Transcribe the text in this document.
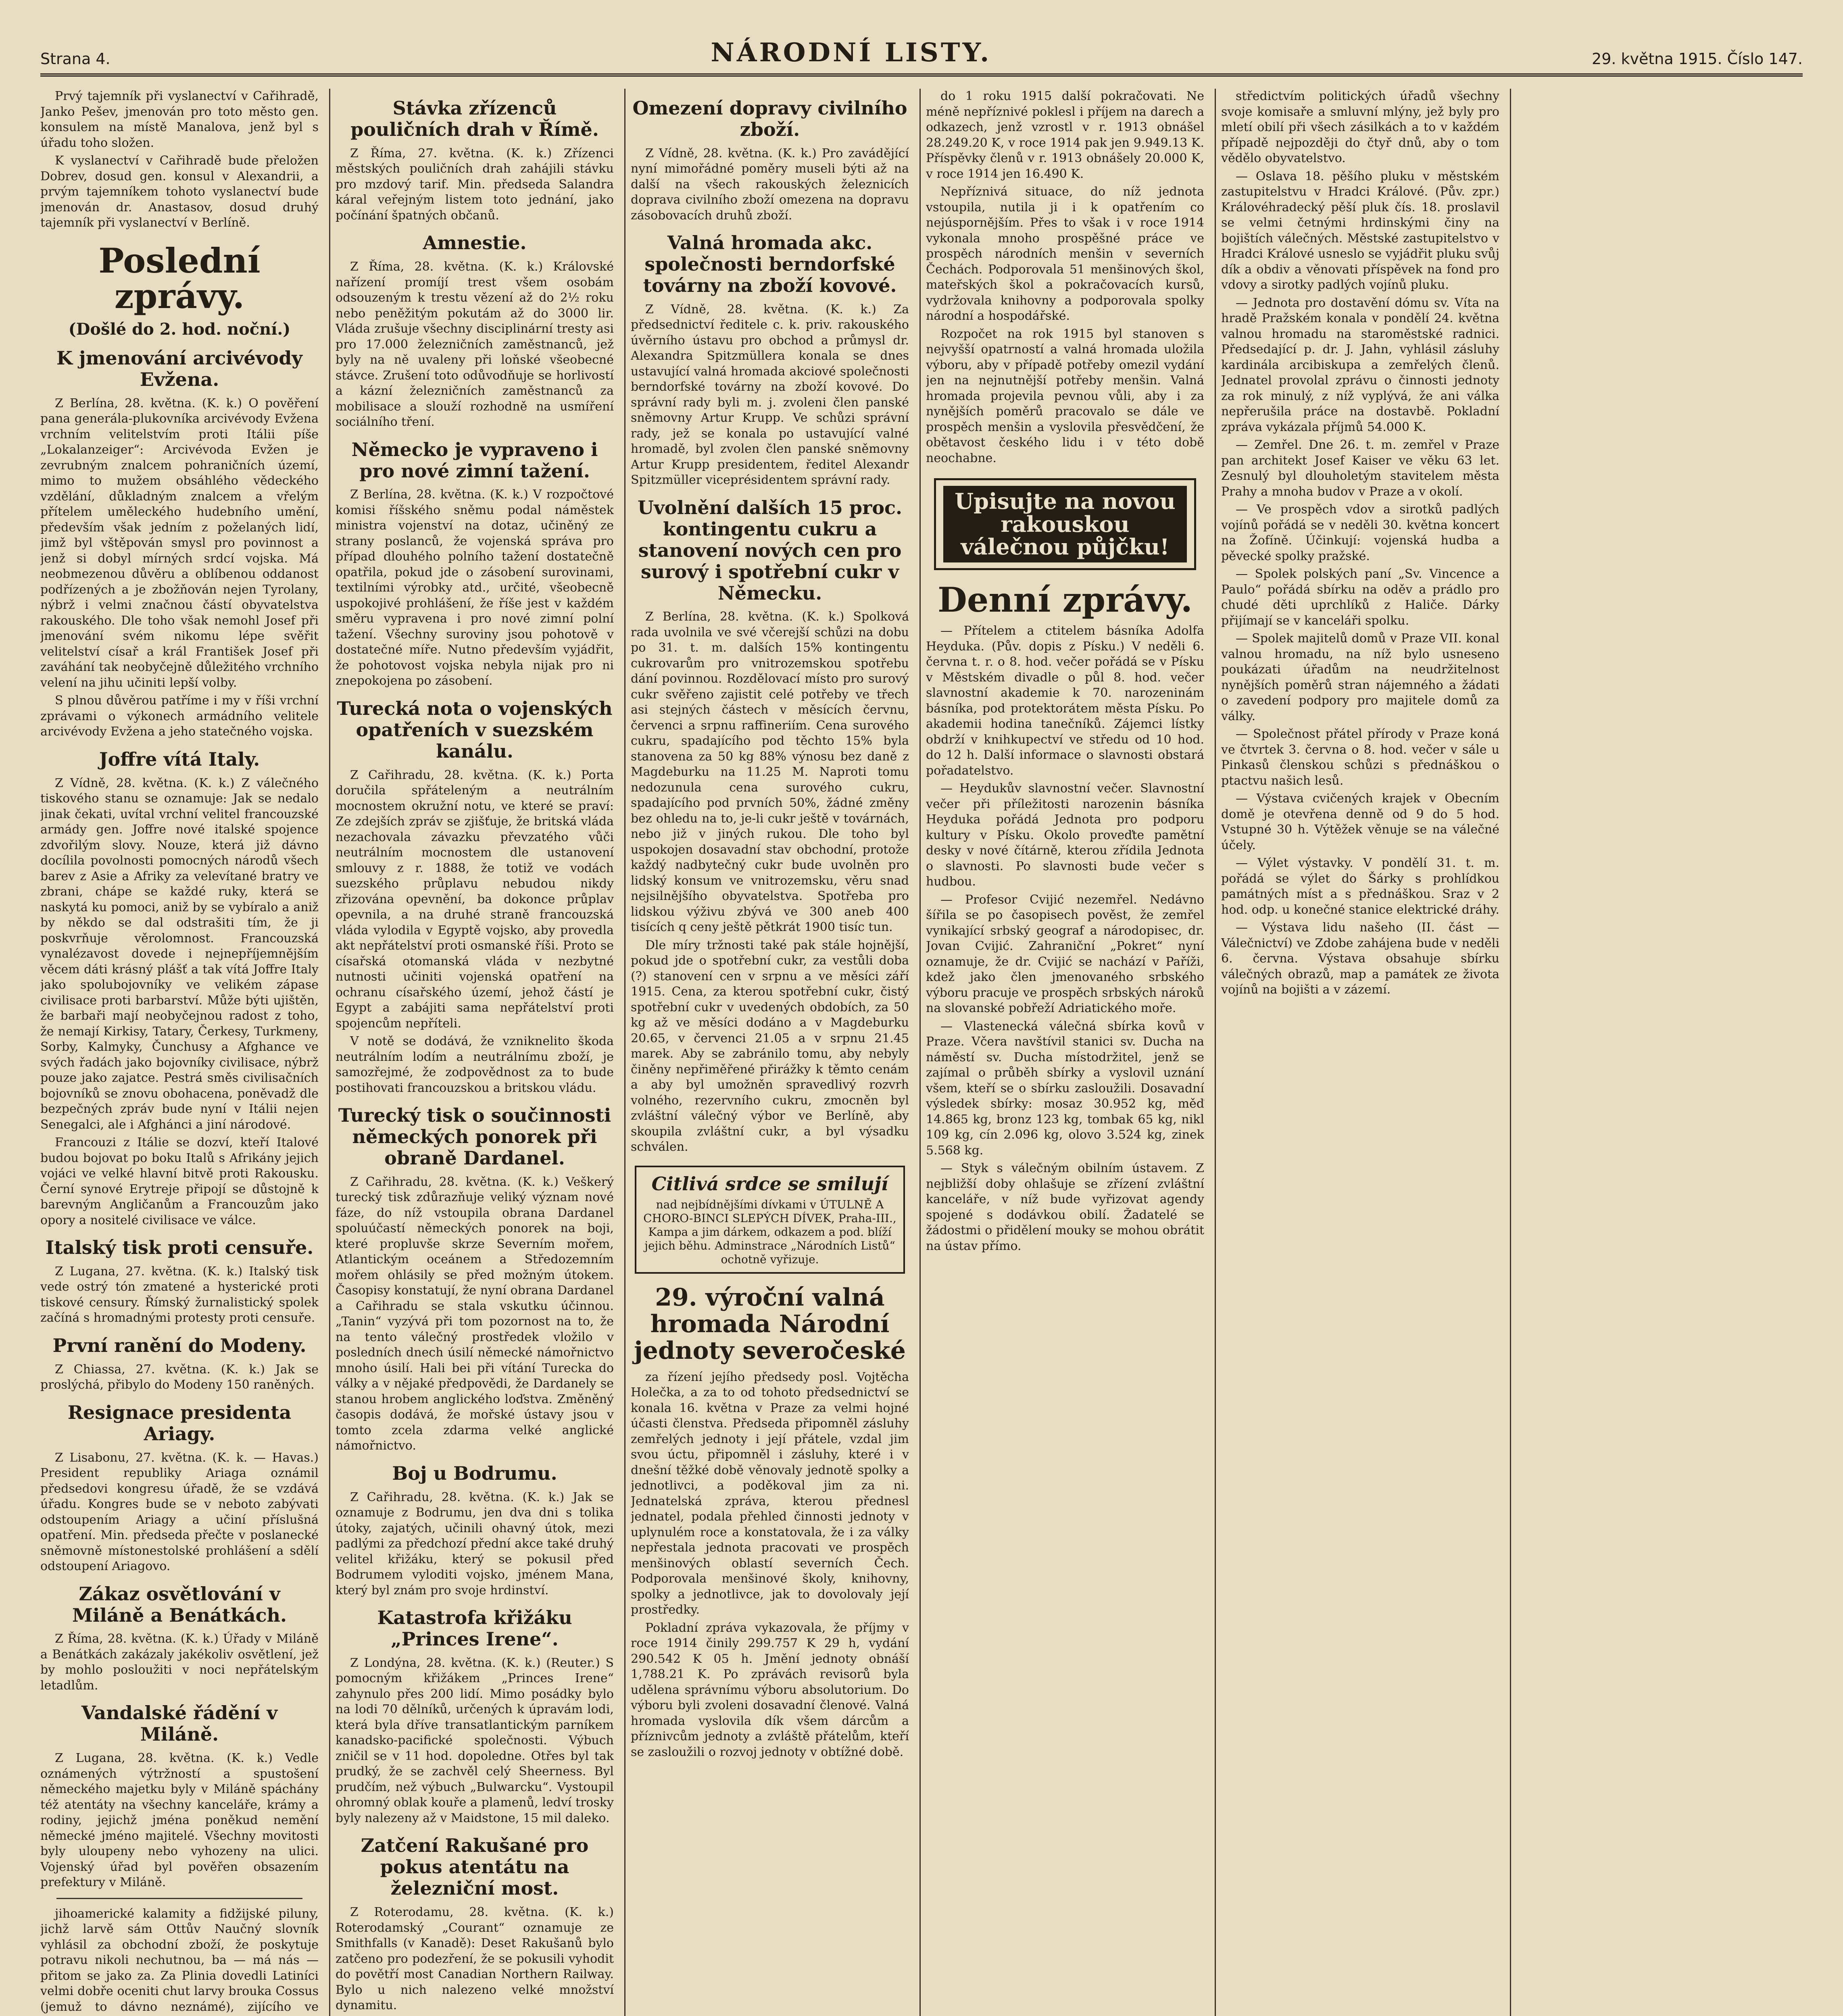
Strana 4.	NÁRODNÍ LISTY.	29. května 1915. Číslo 147.

Prvý tajemník při vyslanectví v Cařihradě, Janko Pešev, jmenován pro toto město gen. konsulem na místě Manalova, jenž byl s úřadu toho složen.

K vyslanectví v Cařihradě bude přeložen Dobrev, dosud gen. konsul v Alexandrii, a prvým tajemníkem tohoto vyslanectví bude jmenován dr. Anastasov, dosud druhý tajemník při vyslanectví v Berlíně.

Poslední zprávy.
(Došlé do 2. hod. noční.)
K jmenování arcivévody Evžena.

Z Berlína, 28. května. (K. k.) O pověření pana generála-plukovníka arcivévody Evžena vrchním velitelstvím proti Itálii píše „Lokalanzeiger“: Arcivévoda Evžen je zevrubným znalcem pohraničních území, mimo to mužem obsáhlého vědeckého vzdělání, důkladným znalcem a vřelým přítelem uměleckého hudebního umění, především však jedním z poželaných lidí, jimž byl vštěpován smysl pro povinnost a jenž si dobyl mírných srdcí vojska. Má neobmezenou důvěru a oblíbenou oddanost podřízených a je zbožňován nejen Tyrolany, nýbrž i velmi značnou částí obyvatelstva rakouského. Dle toho však nemohl Josef při jmenování svém nikomu lépe svěřit velitelství císař a král František Josef při zaváhání tak neobyčejně důležitého vrchního velení na jihu učiniti lepší volby.

S plnou důvěrou patříme i my v říši vrchní zprávami o výkonech armádního velitele arcivévody Evžena a jeho statečného vojska.

Joffre vítá Italy.

Z Vídně, 28. května. (K. k.) Z válečného tiskového stanu se oznamuje: Jak se nedalo jinak čekati, uvítal vrchní velitel francouzské armády gen. Joffre nové italské spojence zdvořilým slovy. Nouze, která již dávno docílila povolnosti pomocných národů všech barev z Asie a Afriky za velevítané bratry ve zbrani, chápe se každé ruky, která se naskytá ku pomoci, aniž by se vybíralo a aniž by někdo se dal odstrašiti tím, že ji poskvrňuje věrolomnost. Francouzská vynalézavost dovede i nejnepříjemnějším věcem dáti krásný plášť a tak vítá Joffre Italy jako spolubojovníky ve velikém zápase civilisace proti barbarství. Může býti ujištěn, že barbaři mají neobyčejnou radost z toho, že nemají Kirkisy, Tatary, Čerkesy, Turkmeny, Sorby, Kalmyky, Čunchusy a Afghance ve svých řadách jako bojovníky civilisace, nýbrž pouze jako zajatce. Pestrá směs civilisačních bojovníků se znovu obohacena, poněvadž dle bezpečných zpráv bude nyní v Itálii nejen Senegalci, ale i Afghánci a jiní národové.

Francouzi z Itálie se dozví, kteří Italové budou bojovat po boku Italů s Afrikány jejich vojáci ve velké hlavní bitvě proti Rakousku. Černí synové Erytreje připojí se důstojně k barevným Angličanům a Francouzům jako opory a nositelé civilisace ve válce.

Italský tisk proti censuře.

Z Lugana, 27. května. (K. k.) Italský tisk vede ostrý tón zmatené a hysterické proti tiskové censury. Římský žurnalistický spolek začíná s hromadnými protesty proti censuře.

První ranění do Modeny.

Z Chiassa, 27. května. (K. k.) Jak se proslýchá, přibylo do Modeny 150 raněných.

Resignace presidenta Ariagy.

Z Lisabonu, 27. května. (K. k. — Havas.) President republiky Ariaga oznámil předsedovi kongresu úřadě, že se vzdává úřadu. Kongres bude se v neboto zabývati odstoupením Ariagy a učiní příslušná opatření. Min. předseda přečte v poslanecké sněmovně místonestolské prohlášení a sdělí odstoupení Ariagovo.

Zákaz osvětlování v Miláně a Benátkách.

Z Říma, 28. května. (K. k.) Úřady v Miláně a Benátkách zakázaly jakékoliv osvětlení, jež by mohlo posloužiti v noci nepřátelským letadlům.

Vandalské řádění v Miláně.

Z Lugana, 28. května. (K. k.) Vedle oznámených výtržností a spustošení německého majetku byly v Miláně spáchány též atentáty na všechny kanceláře, krámy a rodiny, jejichž jména poněkud nemění německé jméno majitelé. Všechny movitosti byly uloupeny nebo vyhozeny na ulici. Vojenský úřad byl pověřen obsazením prefektury v Miláně.

jihoamerické kalamity a fidžijské piluny, jichž larvě sám Ottův Naučný slovník vyhlásil za obchodní zboží, že poskytuje potravu nikoli nechutnou, ba — má nás — přitom se jako za. Za Plinia dovedli Latiníci velmi dobře oceniti chut larvy brouka Cossus (jemuž to dávno neznámé), zijícího ve

Stávka zřízenců pouličních drah v Římě.

Z Říma, 27. května. (K. k.) Zřízenci městských pouličních drah zahájili stávku pro mzdový tarif. Min. předseda Salandra káral veřejným listem toto jednání, jako počínání špatných občanů.

Amnestie.

Z Říma, 28. května. (K. k.) Královské nařízení promíjí trest všem osobám odsouzeným k trestu vězení až do 2½ roku nebo peněžitým pokutám až do 3000 lir. Vláda zrušuje všechny disciplinární tresty asi pro 17.000 železničních zaměstnanců, jež byly na ně uvaleny při loňské všeobecné stávce. Zrušení toto odůvodňuje se horlivostí a kázní železničních zaměstnanců za mobilisace a slouží rozhodně na usmíření sociálního tření.

Německo je vypraveno i pro nové zimní tažení.

Z Berlína, 28. května. (K. k.) V rozpočtové komisi říšského sněmu podal náměstek ministra vojenství na dotaz, učiněný ze strany poslanců, že vojenská správa pro případ dlouhého polního tažení dostatečně opatřila, pokud jde o zásobení surovinami, textilními výrobky atd., určité, všeobecně uspokojivé prohlášení, že říše jest v každém směru vypravena i pro nové zimní polní tažení. Všechny suroviny jsou pohotově v dostatečné míře. Nutno především vyjádřit, že pohotovost vojska nebyla nijak pro ni znepokojena po zásobení.

Turecká nota o vojenských opatřeních v suezském kanálu.

Z Cařihradu, 28. května. (K. k.) Porta doručila spřáteleným a neutrálním mocnostem okružní notu, ve které se praví: Ze zdejších zpráv se zjišťuje, že britská vláda nezachovala závazku převzatého vůči neutrálním mocnostem dle ustanovení smlouvy z r. 1888, že totiž ve vodách suezského průplavu nebudou nikdy zřizována opevnění, ba dokonce průplav opevnila, a na druhé straně francouzská vláda vylodila v Egyptě vojsko, aby provedla akt nepřátelství proti osmanské říši. Proto se císařská otomanská vláda v nezbytné nutnosti učiniti vojenská opatření na ochranu císařského území, jehož částí je Egypt a zabájiti sama nepřátelství proti spojencům nepříteli.

V notě se dodává, že vzniknelito škoda neutrálním lodím a neutrálnímu zboží, je samozřejmé, že zodpovědnost za to bude postihovati francouzskou a britskou vládu.

Turecký tisk o součinnosti německých ponorek při obraně Dardanel.

Z Cařihradu, 28. května. (K. k.) Veškerý turecký tisk zdůrazňuje veliký význam nové fáze, do níž vstoupila obrana Dardanel spoluúčastí německých ponorek na boji, které propluvše skrze Severním mořem, Atlantickým oceánem a Středozemním mořem ohlásily se před možným útokem. Časopisy konstatují, že nyní obrana Dardanel a Cařihradu se stala vskutku účinnou. „Tanin“ vyzývá při tom pozornost na to, že na tento válečný prostředek vložilo v posledních dnech úsilí německé námořnictvo mnoho úsilí. Hali bei při vítání Turecka do války a v nějaké předpovědi, že Dardanely se stanou hrobem anglického loďstva. Změněný časopis dodává, že mořské ústavy jsou v tomto zcela zdarma velké anglické námořnictvo.

Boj u Bodrumu.

Z Cařihradu, 28. května. (K. k.) Jak se oznamuje z Bodrumu, jen dva dni s tolika útoky, zajatých, učinili ohavný útok, mezi padlými za předchozí přední akce také druhý velitel křižáku, který se pokusil před Bodrumem vyloditi vojsko, jménem Mana, který byl znám pro svoje hrdinství.

Katastrofa křižáku „Princes Irene“.

Z Londýna, 28. května. (K. k.) (Reuter.) S pomocným křižákem „Princes Irene“ zahynulo přes 200 lidí. Mimo posádky bylo na lodi 70 dělníků, určených k úpravám lodi, která byla dříve transatlantickým parníkem kanadsko-pacifické společnosti. Výbuch zničil se v 11 hod. dopoledne. Otřes byl tak prudký, že se zachvěl celý Sheerness. Byl prudčím, než výbuch „Bulwarcku“. Vystoupil ohromný oblak kouře a plamenů, ledví trosky byly nalezeny až v Maidstone, 15 mil daleko.

Zatčení Rakušané pro pokus atentátu na železniční most.

Z Roterodamu, 28. května. (K. k.) Roterodamský „Courant“ oznamuje ze Smithfalls (v Kanadě): Deset Rakušanů bylo zatčeno pro podezření, že se pokusili vyhodit do povětří most Canadian Northern Railway. Bylo u nich nalezeno velké množství dynamitu.

Omezení dopravy civilního zboží.

Z Vídně, 28. května. (K. k.) Pro zavádějící nyní mimořádné poměry museli býti až na další na všech rakouských železnicích doprava civilního zboží omezena na dopravu zásobovacích druhů zboží.

Valná hromada akc. společnosti berndorfské továrny na zboží kovové.

Z Vídně, 28. května. (K. k.) Za předsednictví ředitele c. k. priv. rakouského úvěrního ústavu pro obchod a průmysl dr. Alexandra Spitzmüllera konala se dnes ustavující valná hromada akciové společnosti berndorfské továrny na zboží kovové. Do správní rady byli m. j. zvoleni člen panské sněmovny Artur Krupp. Ve schůzi správní rady, jež se konala po ustavující valné hromadě, byl zvolen člen panské sněmovny Artur Krupp presidentem, ředitel Alexandr Spitzmüller viceprésidentem správní rady.

Uvolnění dalších 15 proc. kontingentu cukru a stanovení nových cen pro surový i spotřební cukr v Německu.

Z Berlína, 28. května. (K. k.) Spolková rada uvolnila ve své včerejší schůzi na dobu po 31. t. m. dalších 15% kontingentu cukrovarům pro vnitrozemskou spotřebu dání povinnou. Rozdělovací místo pro surový cukr svěřeno zajistit celé potřeby ve třech asi stejných částech v měsících červnu, červenci a srpnu raffineriím. Cena surového cukru, spadajícího pod těchto 15% byla stanovena za 50 kg 88% výnosu bez daně z Magdeburku na 11.25 M. Naproti tomu nedozunula cena surového cukru, spadajícího pod prvních 50%, žádné změny bez ohledu na to, je-li cukr ještě v továrnách, nebo již v jiných rukou. Dle toho byl uspokojen dosavadní stav obchodní, protože každý nadbytečný cukr bude uvolněn pro lidský konsum ve vnitrozemsku, věru snad nejsilnějšího obyvatelstva. Spotřeba pro lidskou výživu zbývá ve 300 aneb 400 tisících q ceny ještě pětkrát 1900 tisíc tun.

Dle míry tržnosti také pak stále hojnější, pokud jde o spotřební cukr, za vestůli doba (?) stanovení cen v srpnu a ve měsíci září 1915. Cena, za kterou spotřební cukr, čistý spotřební cukr v uvedených obdobích, za 50 kg až ve měsíci dodáno a v Magdeburku 20.65, v červenci 21.05 a v srpnu 21.45 marek. Aby se zabránilo tomu, aby nebyly činěny nepřiměřené přirážky k těmto cenám a aby byl umožněn spravedlivý rozvrh volného, rezervního cukru, zmocněn byl zvláštní válečný výbor ve Berlíně, aby skoupila zvláštní cukr, a byl výsadku schválen.

Citlivá srdce se smilují
nad nejbídnějšími dívkami v ÚTULNĚ A CHORO-BINCI SLEPÝCH DÍVEK, Praha-III., Kampa a jim dárkem, odkazem a pod. blíží jejich běhu. Adminstrace „Národních Listů“ ochotně vyřizuje.
29. výroční valná hromada Národní jednoty severočeské

za řízení jejího předsedy posl. Vojtěcha Holečka, a za to od tohoto předsednictví se konala 16. května v Praze za velmi hojné účasti členstva. Předseda připomněl zásluhy zemřelých jednoty i její přátele, vzdal jim svou úctu, připomněl i zásluhy, které i v dnešní těžké době věnovaly jednotě spolky a jednotlivci, a poděkoval jim za ni. Jednatelská zpráva, kterou přednesl jednatel, podala přehled činnosti jednoty v uplynulém roce a konstatovala, že i za války nepřestala jednota pracovati ve prospěch menšinových oblastí severních Čech. Podporovala menšinové školy, knihovny, spolky a jednotlivce, jak to dovolovaly její prostředky.

Pokladní zpráva vykazovala, že příjmy v roce 1914 činily 299.757 K 29 h, vydání 290.542 K 05 h. Jmění jednoty obnáší 1,788.21 K. Po zprávách revisorů byla udělena správnímu výboru absolutorium. Do výboru byli zvoleni dosavadní členové. Valná hromada vyslovila dík všem dárcům a příznivcům jednoty a zvláště přátelům, kteří se zasloužili o rozvoj jednoty v obtížné době.

do 1 roku 1915 další pokračovati. Ne méně nepříznivé poklesl i příjem na darech a odkazech, jenž vzrostl v r. 1913 obnášel 28.249.20 K, v roce 1914 pak jen 9.949.13 K. Příspěvky členů v r. 1913 obnášely 20.000 K, v roce 1914 jen 16.490 K.

Nepříznivá situace, do níž jednota vstoupila, nutila ji i k opatřením co nejúspornějším. Přes to však i v roce 1914 vykonala mnoho prospěšné práce ve prospěch národních menšin v severních Čechách. Podporovala 51 menšinových škol, mateřských škol a pokračovacích kursů, vydržovala knihovny a podporovala spolky národní a hospodářské.

Rozpočet na rok 1915 byl stanoven s nejvyšší opatrností a valná hromada uložila výboru, aby v případě potřeby omezil vydání jen na nejnutnější potřeby menšin. Valná hromada projevila pevnou vůli, aby i za nynějších poměrů pracovalo se dále ve prospěch menšin a vyslovila přesvědčení, že obětavost českého lidu i v této době neochabne.

Upisujte na novou rakouskou válečnou půjčku!
Denní zprávy.

— Přítelem a ctitelem básníka Adolfa Heyduka. (Pův. dopis z Písku.) V neděli 6. června t. r. o 8. hod. večer pořádá se v Písku v Městském divadle o půl 8. hod. večer slavnostní akademie k 70. narozeninám básníka, pod protektorátem města Písku. Po akademii hodina tanečníků. Zájemci lístky obdrží v knihkupectví ve středu od 10 hod. do 12 h. Další informace o slavnosti obstará pořadatelstvo.

— Heydukův slavnostní večer. Slavnostní večer při příležitosti narozenin básníka Heyduka pořádá Jednota pro podporu kultury v Písku. Okolo proveďte pamětní desky v nové čítárně, kterou zřídila Jednota o slavnosti. Po slavnosti bude večer s hudbou.

— Profesor Cvijić nezemřel. Nedávno šířila se po časopisech pověst, že zemřel vynikající srbský geograf a národopisec, dr. Jovan Cvijić. Zahraniční „Pokret“ nyní oznamuje, že dr. Cvijić se nachází v Paříži, kdež jako člen jmenovaného srbského výboru pracuje ve prospěch srbských nároků na slovanské pobřeží Adriatického moře.

— Vlastenecká válečná sbírka kovů v Praze. Včera navštívil stanici sv. Ducha na náměstí sv. Ducha místodržitel, jenž se zajímal o průběh sbírky a vyslovil uznání všem, kteří se o sbírku zasloužili. Dosavadní výsledek sbírky: mosaz 30.952 kg, měď 14.865 kg, bronz 123 kg, tombak 65 kg, nikl 109 kg, cín 2.096 kg, olovo 3.524 kg, zinek 5.568 kg.

— Styk s válečným obilním ústavem. Z nejbližší doby ohlašuje se zřízení zvláštní kanceláře, v níž bude vyřizovat agendy spojené s dodávkou obilí. Žadatelé se žádostmi o přidělení mouky se mohou obrátit na ústav přímo.

středictvím politických úřadů všechny svoje komisaře a smluvní mlýny, jež byly pro mletí obilí při všech zásilkách a to v každém případě nejpozději do čtyř dnů, aby o tom vědělo obyvatelstvo.

— Oslava 18. pěšího pluku v městském zastupitelstvu v Hradci Králové. (Pův. zpr.) Královéhradecký pěší pluk čís. 18. proslavil se velmi četnými hrdinskými činy na bojištích válečných. Městské zastupitelstvo v Hradci Králové usneslo se vyjádřit pluku svůj dík a obdiv a věnovati příspěvek na fond pro vdovy a sirotky padlých vojínů pluku.

— Jednota pro dostavění dómu sv. Víta na hradě Pražském konala v pondělí 24. května valnou hromadu na staroměstské radnici. Předsedající p. dr. J. Jahn, vyhlásil zásluhy kardinála arcibiskupa a zemřelých členů. Jednatel provolal zprávu o činnosti jednoty za rok minulý, z níž vyplývá, že ani válka nepřerušila práce na dostavbě. Pokladní zpráva vykázala příjmů 54.000 K.

— Zemřel. Dne 26. t. m. zemřel v Praze pan architekt Josef Kaiser ve věku 63 let. Zesnulý byl dlouholetým stavitelem města Prahy a mnoha budov v Praze a v okolí.

— Ve prospěch vdov a sirotků padlých vojínů pořádá se v neděli 30. května koncert na Žofíně. Účinkují: vojenská hudba a pěvecké spolky pražské.

— Spolek polských paní „Sv. Vincence a Paulo“ pořádá sbírku na oděv a prádlo pro chudé děti uprchlíků z Haliče. Dárky přijímají se v kanceláři spolku.

— Spolek majitelů domů v Praze VII. konal valnou hromadu, na níž bylo usneseno poukázati úřadům na neudržitelnost nynějších poměrů stran nájemného a žádati o zavedení podpory pro majitele domů za války.

— Společnost přátel přírody v Praze koná ve čtvrtek 3. června o 8. hod. večer v sále u Pinkasů členskou schůzi s přednáškou o ptactvu našich lesů.

— Výstava cvičených krajek v Obecním domě je otevřena denně od 9 do 5 hod. Vstupné 30 h. Výtěžek věnuje se na válečné účely.

— Výlet výstavky. V pondělí 31. t. m. pořádá se výlet do Šárky s prohlídkou památných míst a s přednáškou. Sraz v 2 hod. odp. u konečné stanice elektrické dráhy.

— Výstava lidu našeho (II. část — Válečnictví) ve Zdobe zahájena bude v neděli 6. června. Výstava obsahuje sbírku válečných obrazů, map a památek ze života vojínů na bojišti a v zázemí.
